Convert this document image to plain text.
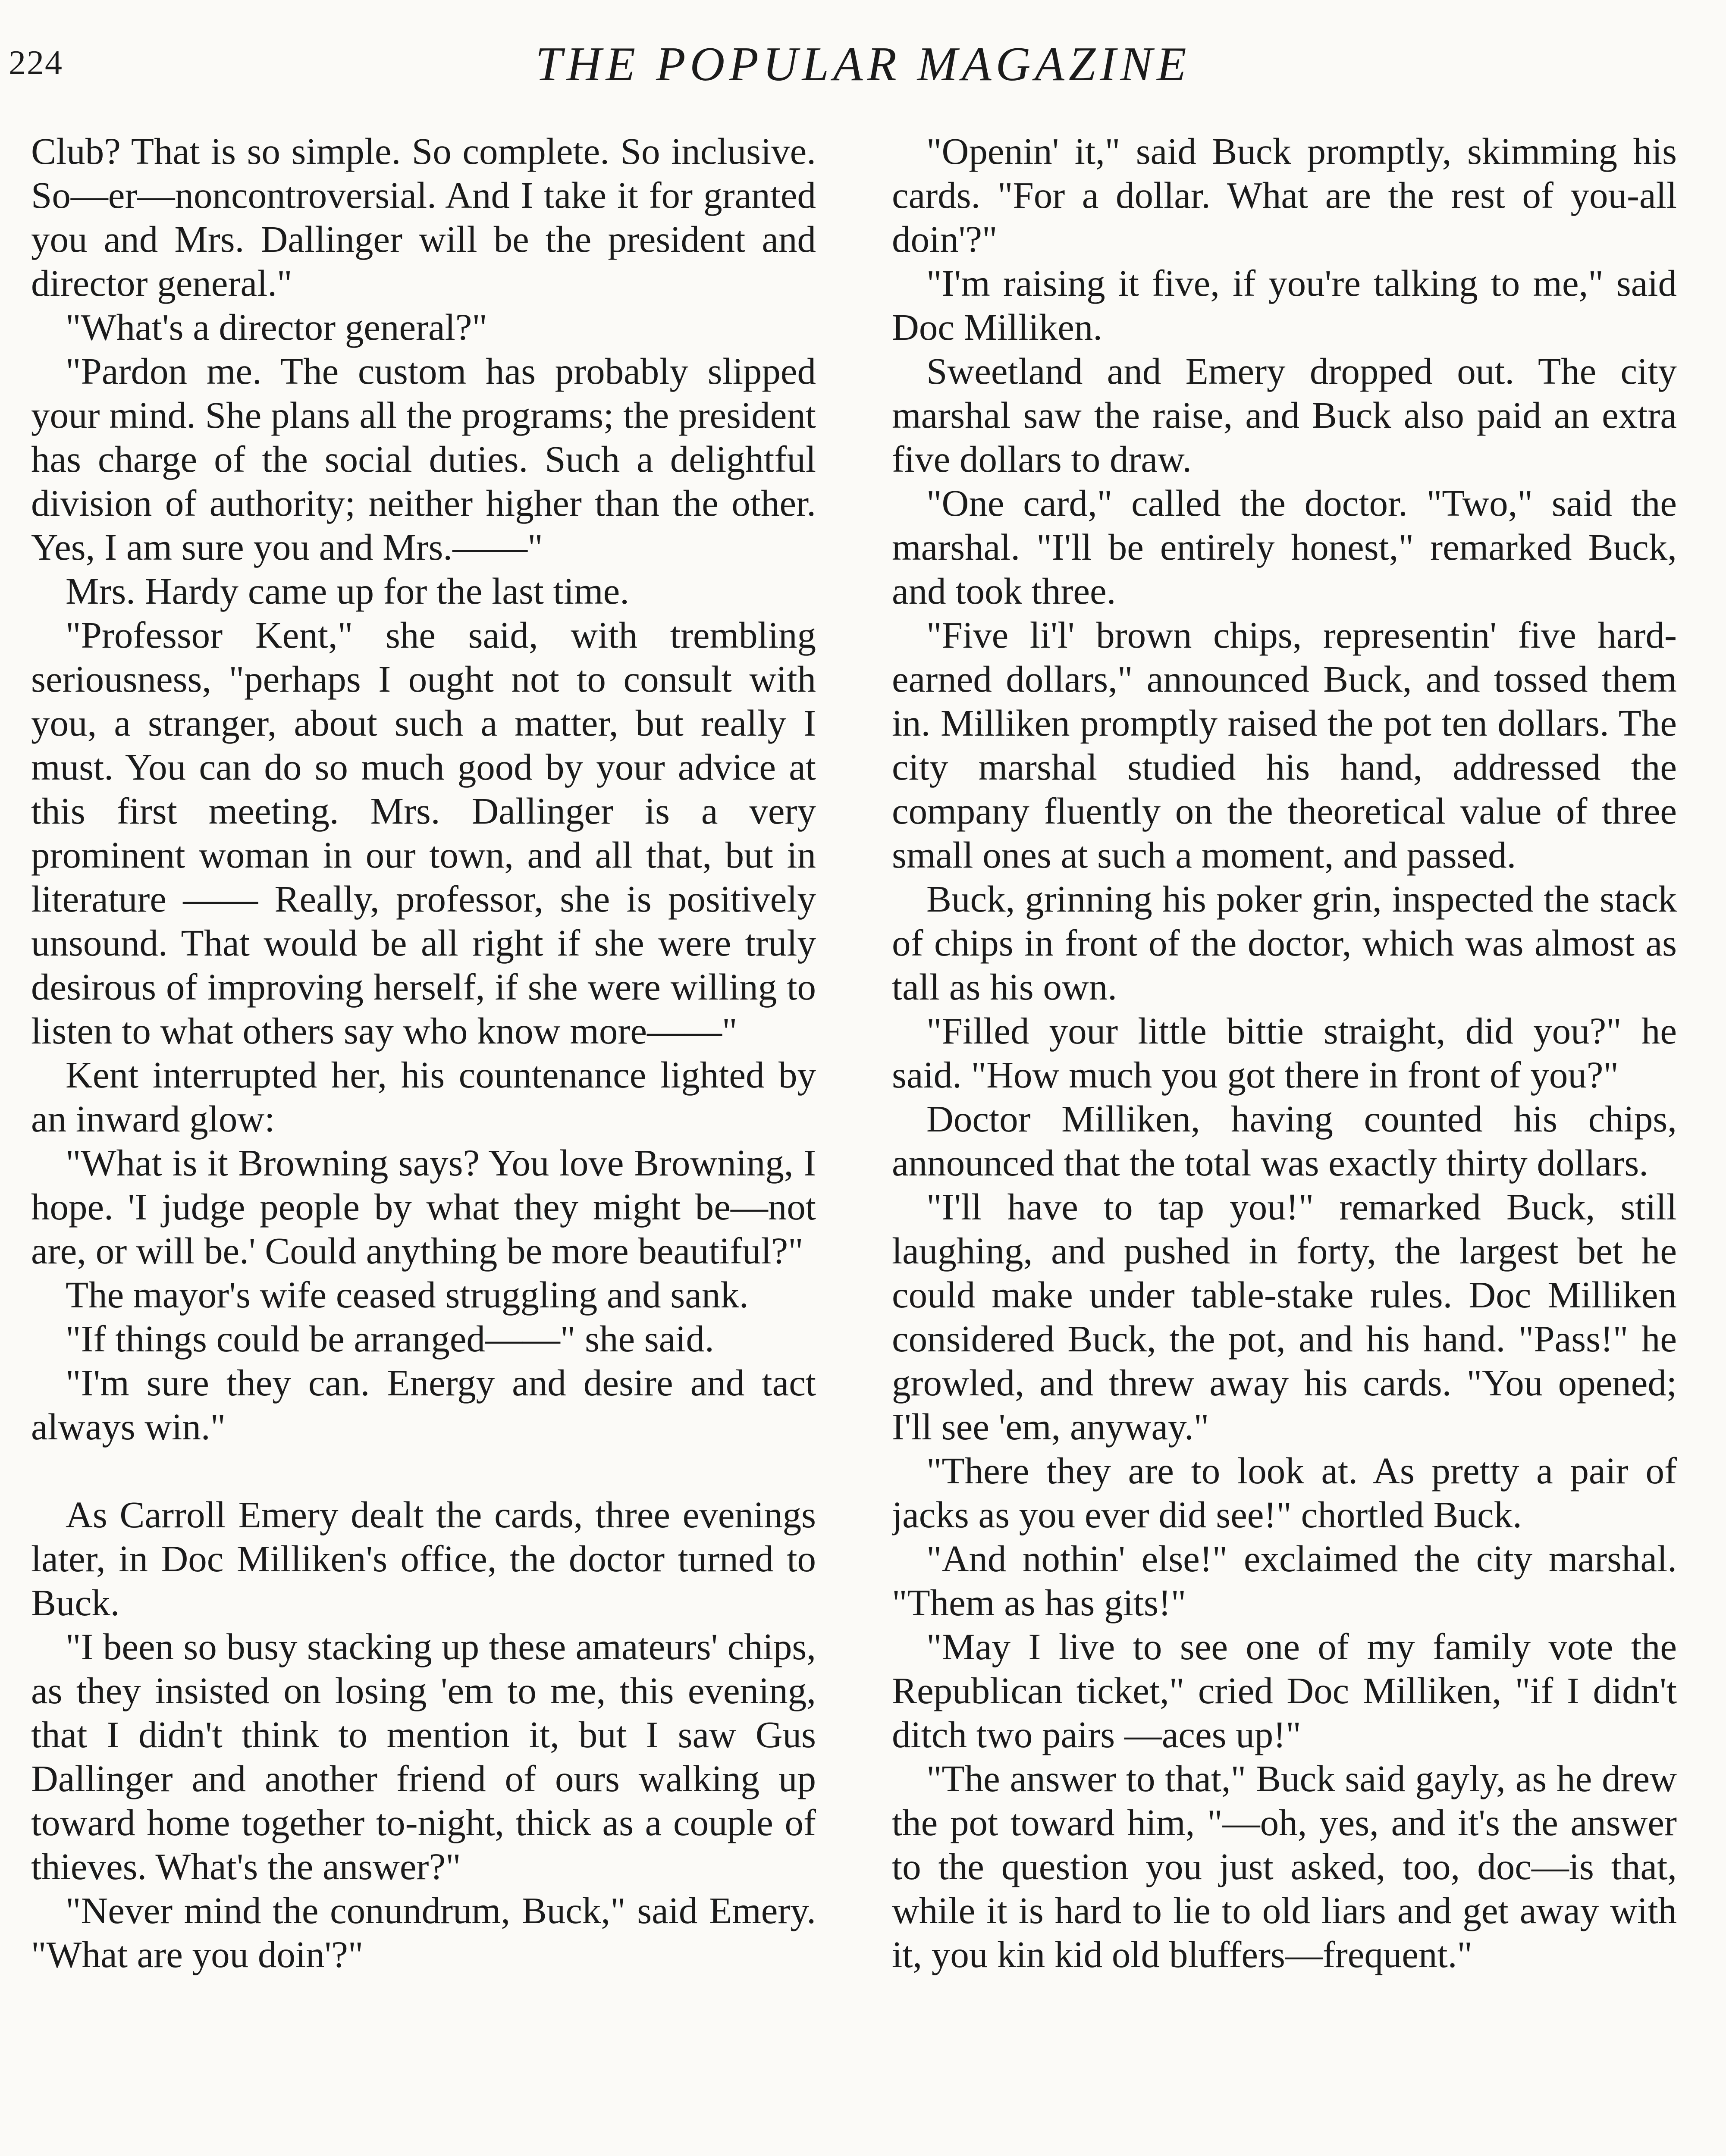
224	THE POPULAR MAGAZINE

Club? That is so simple. So complete. So inclusive. So—er—noncontroversial. And I take it for granted you and Mrs. Dallinger will be the president and director general."

"What's a director general?"

"Pardon me. The custom has probably slipped your mind. She plans all the programs; the president has charge of the social duties. Such a delightful division of authority; neither higher than the other. Yes, I am sure you and Mrs.——"

Mrs. Hardy came up for the last time.

"Professor Kent," she said, with trembling seriousness, "perhaps I ought not to consult with you, a stranger, about such a matter, but really I must. You can do so much good by your advice at this first meeting. Mrs. Dallinger is a very prominent woman in our town, and all that, but in literature —— Really, professor, she is positively unsound. That would be all right if she were truly desirous of improving herself, if she were willing to listen to what others say who know more——"

Kent interrupted her, his countenance lighted by an inward glow:

"What is it Browning says? You love Browning, I hope. 'I judge people by what they might be—not are, or will be.' Could anything be more beautiful?"

The mayor's wife ceased struggling and sank.

"If things could be arranged——" she said.

"I'm sure they can. Energy and desire and tact always win."

As Carroll Emery dealt the cards, three evenings later, in Doc Milliken's office, the doctor turned to Buck.

"I been so busy stacking up these amateurs' chips, as they insisted on losing 'em to me, this evening, that I didn't think to mention it, but I saw Gus Dallinger and another friend of ours walking up toward home together to-night, thick as a couple of thieves. What's the answer?"

"Never mind the conundrum, Buck," said Emery. "What are you doin'?"

"Openin' it," said Buck promptly, skimming his cards. "For a dollar. What are the rest of you-all doin'?"

"I'm raising it five, if you're talking to me," said Doc Milliken.

Sweetland and Emery dropped out. The city marshal saw the raise, and Buck also paid an extra five dollars to draw.

"One card," called the doctor. "Two," said the marshal. "I'll be entirely honest," remarked Buck, and took three.

"Five li'l' brown chips, representin' five hard-earned dollars," announced Buck, and tossed them in. Milliken promptly raised the pot ten dollars. The city marshal studied his hand, addressed the company fluently on the theoretical value of three small ones at such a moment, and passed.

Buck, grinning his poker grin, inspected the stack of chips in front of the doctor, which was almost as tall as his own.

"Filled your little bittie straight, did you?" he said. "How much you got there in front of you?"

Doctor Milliken, having counted his chips, announced that the total was exactly thirty dollars.

"I'll have to tap you!" remarked Buck, still laughing, and pushed in forty, the largest bet he could make under table-stake rules. Doc Milliken considered Buck, the pot, and his hand. "Pass!" he growled, and threw away his cards. "You opened; I'll see 'em, anyway."

"There they are to look at. As pretty a pair of jacks as you ever did see!" chortled Buck.

"And nothin' else!" exclaimed the city marshal. "Them as has gits!"

"May I live to see one of my family vote the Republican ticket," cried Doc Milliken, "if I didn't ditch two pairs —aces up!"

"The answer to that," Buck said gayly, as he drew the pot toward him, "—oh, yes, and it's the answer to the question you just asked, too, doc—is that, while it is hard to lie to old liars and get away with it, you kin kid old bluffers—frequent."
